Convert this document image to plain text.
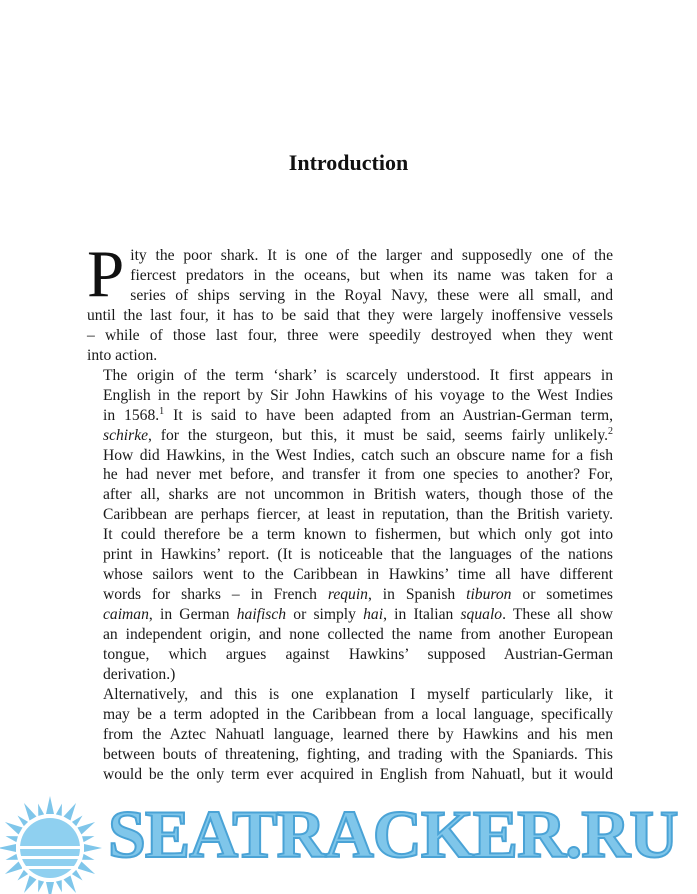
Introduction

P ity the poor shark. It is one of the larger and supposedly one of the
fiercest predators in the oceans, but when its name was taken for a
series of ships serving in the Royal Navy, these were all small, and
until the last four, it has to be said that they were largely inoffensive vessels
– while of those last four, three were speedily destroyed when they went
into action.

The origin of the term ‘shark’ is scarcely understood. It first appears in
English in the report by Sir John Hawkins of his voyage to the West Indies
in 1568.$^1$ It is said to have been adapted from an Austrian-German term,
schirke, for the sturgeon, but this, it must be said, seems fairly unlikely.$^2$
How did Hawkins, in the West Indies, catch such an obscure name for a fish
he had never met before, and transfer it from one species to another? For,
after all, sharks are not uncommon in British waters, though those of the
Caribbean are perhaps fiercer, at least in reputation, than the British variety.
It could therefore be a term known to fishermen, but which only got into
print in Hawkins’ report. (It is noticeable that the languages of the nations
whose sailors went to the Caribbean in Hawkins’ time all have different
words for sharks – in French requin, in Spanish tiburon or sometimes
caiman, in German haifisch or simply hai, in Italian squalo. These all show
an independent origin, and none collected the name from another European
tongue, which argues against Hawkins’ supposed Austrian-German
derivation.)

Alternatively, and this is one explanation I myself particularly like, it
may be a term adopted in the Caribbean from a local language, specifically
from the Aztec Nahuatl language, learned there by Hawkins and his men
between bouts of threatening, fighting, and trading with the Spaniards. This
would be the only term ever acquired in English from Nahuatl, but it would

SEATRACKER.RU
